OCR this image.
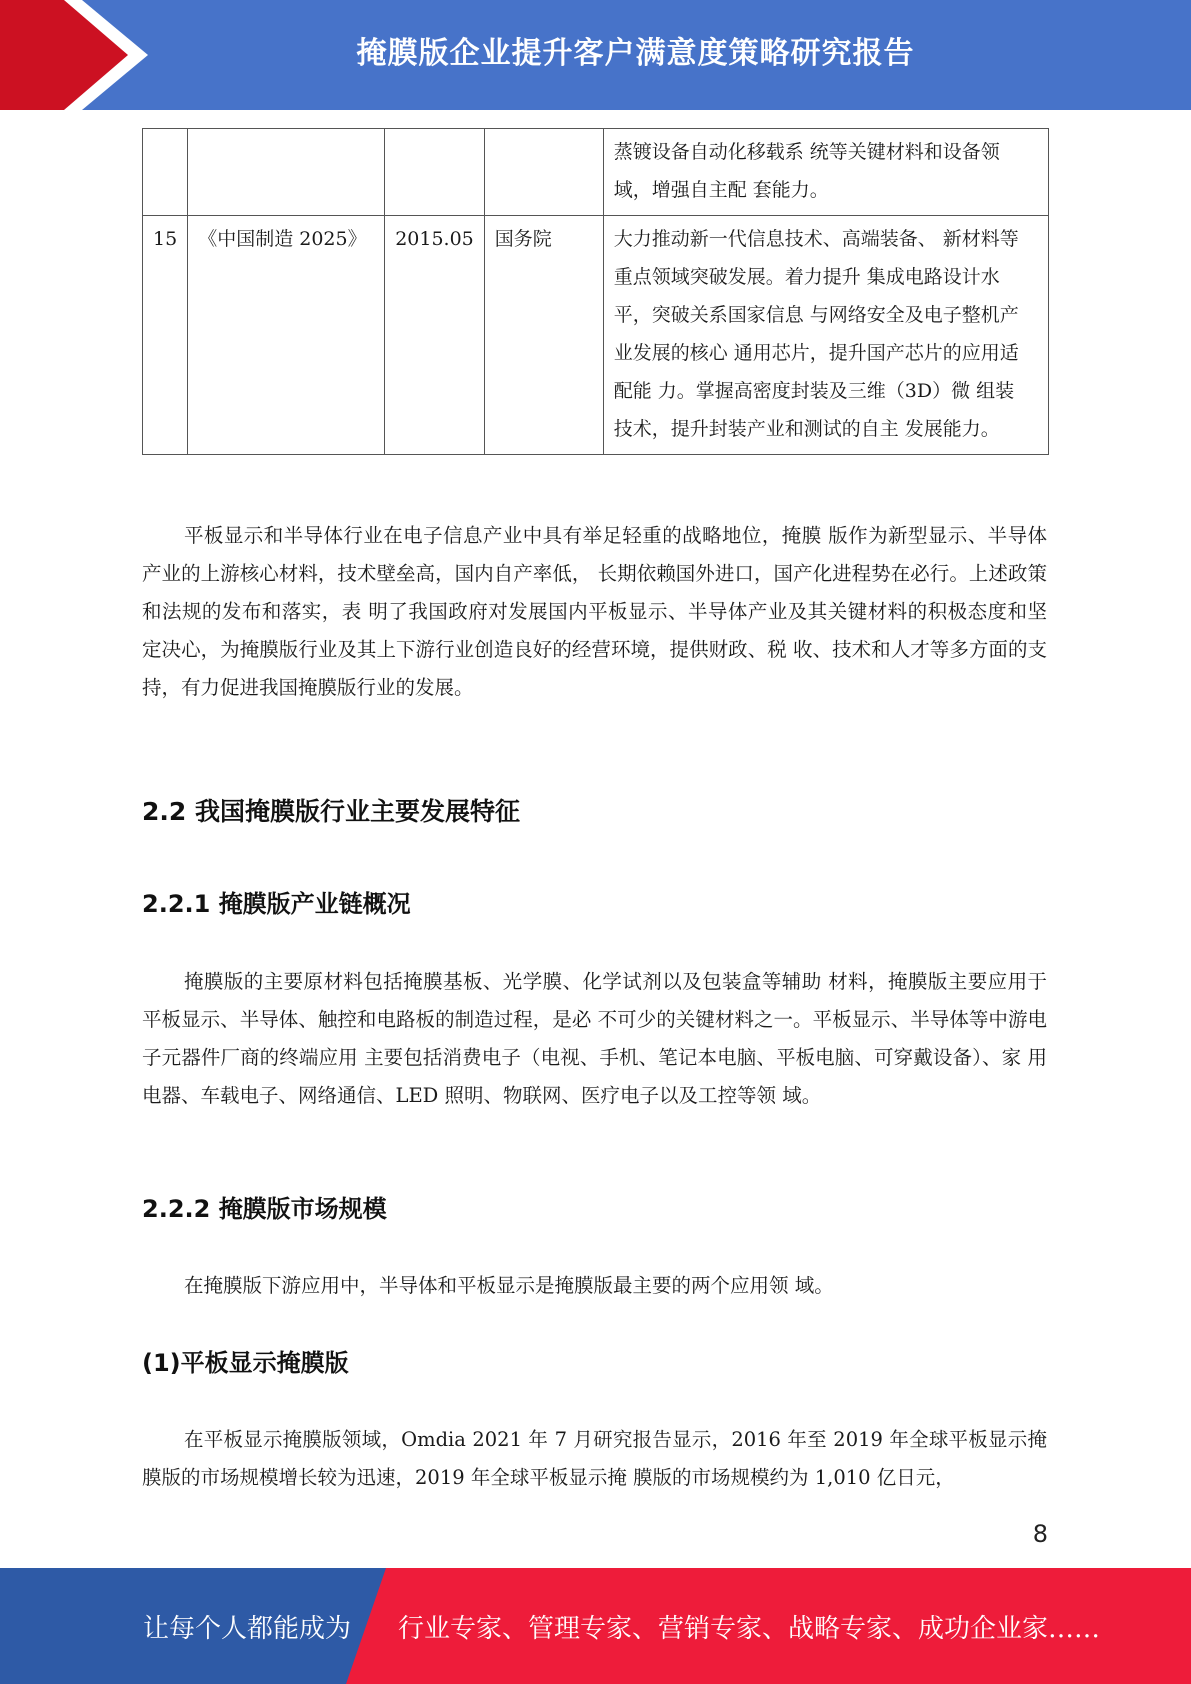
掩膜版企业提升客户满意度策略研究报告
				蒸镀设备自动化移载系 统等关键材料和设备领域，增强自主配 套能力。
15	《中国制造 2025》	2015.05	国务院	大力推动新一代信息技术、高端装备、 新材料等重点领域突破发展。着力提升 集成电路设计水平，突破关系国家信息 与网络安全及电子整机产业发展的核心 通用芯片，提升国产芯片的应用适配能 力。掌握高密度封装及三维（3D）微 组装技术，提升封装产业和测试的自主 发展能力。

平板显示和半导体行业在电子信息产业中具有举足轻重的战略地位，掩膜 版作为新型显示、半导体产业的上游核心材料，技术壁垒高，国内自产率低， 长期依赖国外进口，国产化进程势在必行。上述政策和法规的发布和落实，表 明了我国政府对发展国内平板显示、半导体产业及其关键材料的积极态度和坚 定决心，为掩膜版行业及其上下游行业创造良好的经营环境，提供财政、税 收、技术和人才等多方面的支持，有力促进我国掩膜版行业的发展。

2.2 我国掩膜版行业主要发展特征
2.2.1 掩膜版产业链概况

掩膜版的主要原材料包括掩膜基板、光学膜、化学试剂以及包装盒等辅助 材料，掩膜版主要应用于平板显示、半导体、触控和电路板的制造过程，是必 不可少的关键材料之一。平板显示、半导体等中游电子元器件厂商的终端应用 主要包括消费电子（电视、手机、笔记本电脑、平板电脑、可穿戴设备）、家 用电器、车载电子、网络通信、LED 照明、物联网、医疗电子以及工控等领 域。

2.2.2 掩膜版市场规模

在掩膜版下游应用中，半导体和平板显示是掩膜版最主要的两个应用领 域。

(1)平板显示掩膜版

在平板显示掩膜版领域，Omdia 2021 年 7 月研究报告显示，2016 年至 2019 年全球平板显示掩膜版的市场规模增长较为迅速，2019 年全球平板显示掩 膜版的市场规模约为 1,010 亿日元，

8
让每个人都能成为 行业专家、管理专家、营销专家、战略专家、成功企业家……
